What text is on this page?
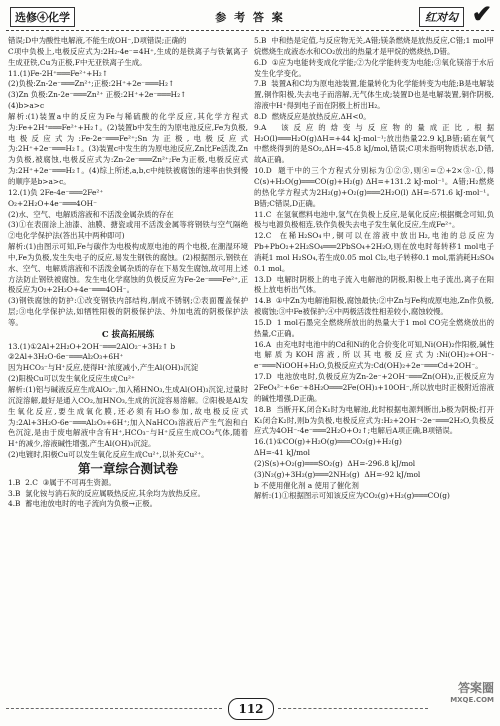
选修④化学	参 考 答 案	红对勾 ✔

错误;D中为酸性电解液,不能生成OH⁻,D项错误;正确的

C项中负极上,电极反应式为:2H₂-4e⁻=4H⁺,生成的是铁离子与铁氰离子生成亚铁,Cu为正极,F中无亚铁离子生成。

11.(1)Fe-2H⁺═══Fe²⁺+H₂↑

(2)负极:Zn-2e⁻═══Zn²⁺;正极:2H⁺+2e⁻═══H₂↑

(3)Zn 负极:Zn-2e⁻═══Zn²⁺ 正极:2H⁺+2e⁻═══H₂↑

(4)b>a>c

解析:(1)装置a中的反应为Fe与稀硫酸的化学反应,其化学方程式为:Fe+2H⁺═══Fe²⁺+H₂↑。(2)装置b中发生的为原电池反应,Fe为负极,电极反应式为:Fe-2e⁻═══Fe²⁺;Sn为正极,电极反应式为:2H⁺+2e⁻═══H₂↑。(3)装置c中发生的为原电池反应,Zn比Fe活泼,Zn为负极,被腐蚀,电极反应式为:Zn-2e⁻═══Zn²⁺;Fe为正极,电极反应式为:2H⁺+2e⁻═══H₂↑。(4)综上所述,a,b,c中纯铁被腐蚀的速率由快到慢的顺序是b>a>c。

12.(1)负 2Fe-4e⁻═══2Fe²⁺

O₂+2H₂O+4e⁻═══4OH⁻

(2)水、空气、电解质溶液和不活泼金属杂质的存在

(3)①在表面涂上油漆、油膜、搪瓷或用不活泼金属等将钢铁与空气隔绝 ②电化学保护法(答出其中两种即可)

解析:(1)由图示可知,Fe与碳作为电极构成原电池的两个电极,在潮湿环境中,Fe为负极,发生失电子的反应,易发生钢铁的腐蚀。(2)根据图示,钢铁在水、空气、电解质溶液和不活泼金属杂质的存在下易发生腐蚀,故可用上述方法防止钢铁被腐蚀。发生电化学腐蚀的负极反应为Fe-2e⁻═══Fe²⁺,正极反应为O₂+2H₂O+4e⁻═══4OH⁻。

(3)钢铁腐蚀的防护:①改变钢铁内部结构,制成不锈钢;②表面覆盖保护层;③电化学保护法,如牺牲阳极的阴极保护法、外加电流的阴极保护法等。

C 拔高拓展练

13.(1)①2Al+2H₂O+2OH⁻═══2AlO₂⁻+3H₂↑ b

②2Al+3H₂O-6e⁻═══Al₂O₃+6H⁺

因为HCO₃⁻与H⁺反应,使得H⁺浓度减小,产生Al(OH)₃沉淀

(2)阳极Cu可以发生氧化反应生成Cu²⁺

解析:(1)铝与碱液反应生成AlO₂⁻,加入稀HNO₃,生成Al(OH)₃沉淀,过量时沉淀溶解,最好是通入CO₂,加HNO₃,生成的沉淀容易溶解。②阳极是Al发生氧化反应,要生成氧化膜,还必须有H₂O参加,故电极反应式为:2Al+3H₂O-6e⁻═══Al₂O₃+6H⁺;加入NaHCO₃溶液后产生气泡和白色沉淀,是由于废电解液中含有H⁺,HCO₃⁻与H⁺反应生成CO₂气体,随着H⁺的减少,溶液碱性增强,产生Al(OH)₃沉淀。

(2)电镀时,阳极Cu可以发生氧化反应生成Cu²⁺,以补充Cu²⁺。

第一章综合测试卷

1.B  2.C  ③属于不可再生资源。

3.B  氯化铵与消石灰的反应属吸热反应,其余均为放热反应。

4.B  蓄电池放电时的电子流向为负极→正极。

5.B  中和热是定值,与反应物无关,A错;镁条燃烧是放热反应,C错;1 mol甲烷燃烧生成液态水和CO₂放出的热量才是甲烷的燃烧热,D错。

6.D  ①应为电能转变成化学能;②为化学能转变为电能;③氧化镁溶于水后发生化学变化。

7.B  装置A和C均为原电池装置,能量转化为化学能转变为电能;B是电解装置,铜作阳极,失去电子而溶解,无气体生成;装置D也是电解装置,铜作阴极,溶液中H⁺得到电子而在阴极上析出H₂。

8.D  燃烧反应是放热反应,ΔH<0。

9.A  该反应的焓变与反应物的量成正比,根据H₂O(l)═══H₂O(g)ΔH=+44 kJ·mol⁻¹;放出热量22.9 kJ,B错;硫在氧气中燃烧得到的是SO₂,ΔH=-45.8 kJ/mol,错误;C项未指明物质状态,D错,故A正确。

10.D  题干中的三个方程式分别标为①②③,则④=②+2×③-①,得C(s)+H₂O(g)═══CO(g)+H₂(g) ΔH=+131.2 kJ·mol⁻¹。A错;H₂燃烧的热化学方程式为2H₂(g)+O₂(g)═══2H₂O(l) ΔH=-571.6 kJ·mol⁻¹。B错;C错误,D正确。

11.C  在氢氧燃料电池中,氢气在负极上反应,是氧化反应;根据概念可知,负极与电源负极相连,铁作负极失去电子发生氧化反应,生成Fe²⁺。

12.C  在稀H₂SO₄中,铜可以在溶液中放出H₂,电池的总反应为Pb+PbO₂+2H₂SO₄═══2PbSO₄+2H₂O,则在放电时每转移1 mol电子消耗1 mol H₂SO₄,若生成0.05 mol Cl₂,电子转移0.1 mol,需消耗H₂SO₄ 0.1 mol。

13.D  电解时阴极上的电子流入电解池的阴极,阳极上电子流出,离子在阳极上放电析出气体。

14.B  ①中Zn为电解池阳极,腐蚀最快;②中Zn与Fe构成原电池,Zn作负极,被腐蚀;③中Fe被保护;④中两极活泼性相差较小,腐蚀较慢。

15.D  1 mol石墨完全燃烧所放出的热量大于1 mol CO完全燃烧放出的热量,C正确。

16.A  由充电时电池中的Cd和Ni的化合价变化可知,Ni(OH)₂作阳极,碱性电解质为KOH溶液,所以其电极反应式为:Ni(OH)₂+OH⁻-e⁻═══NiOOH+H₂O,负极反应式为:Cd(OH)₂+2e⁻═══Cd+2OH⁻。

17.D  电池放电时,负极反应为Zn-2e⁻+2OH⁻═══Zn(OH)₂,正极反应为2FeO₄²⁻+6e⁻+8H₂O═══2Fe(OH)₃+10OH⁻,所以放电时正极附近溶液的碱性增强,D正确。

18.B  当断开K,闭合K₁时为电解池,此时根据电源判断出,b极为阴极;打开K₁闭合K₂时,则b为负极,电极反应式为:H₂+2OH⁻-2e⁻═══2H₂O,负极反应式为4OH⁻-4e⁻═══2H₂O+O₂↑;电解后A项正确,B项错误。

16.(1)①CO(g)+H₂O(g)═══CO₂(g)+H₂(g)

ΔH=-41 kJ/mol

(2)S(s)+O₂(g)═══SO₂(g)  ΔH=-296.8 kJ/mol

(3)N₂(g)+3H₂(g)═══2NH₃(g)  ΔH=-92 kJ/mol

b 不使用催化剂 a 使用了催化剂

解析:(1)①根据图示可知该反应为CO₂(g)+H₂(g)═══CO(g)

112
答案圈
MXQE.COM
